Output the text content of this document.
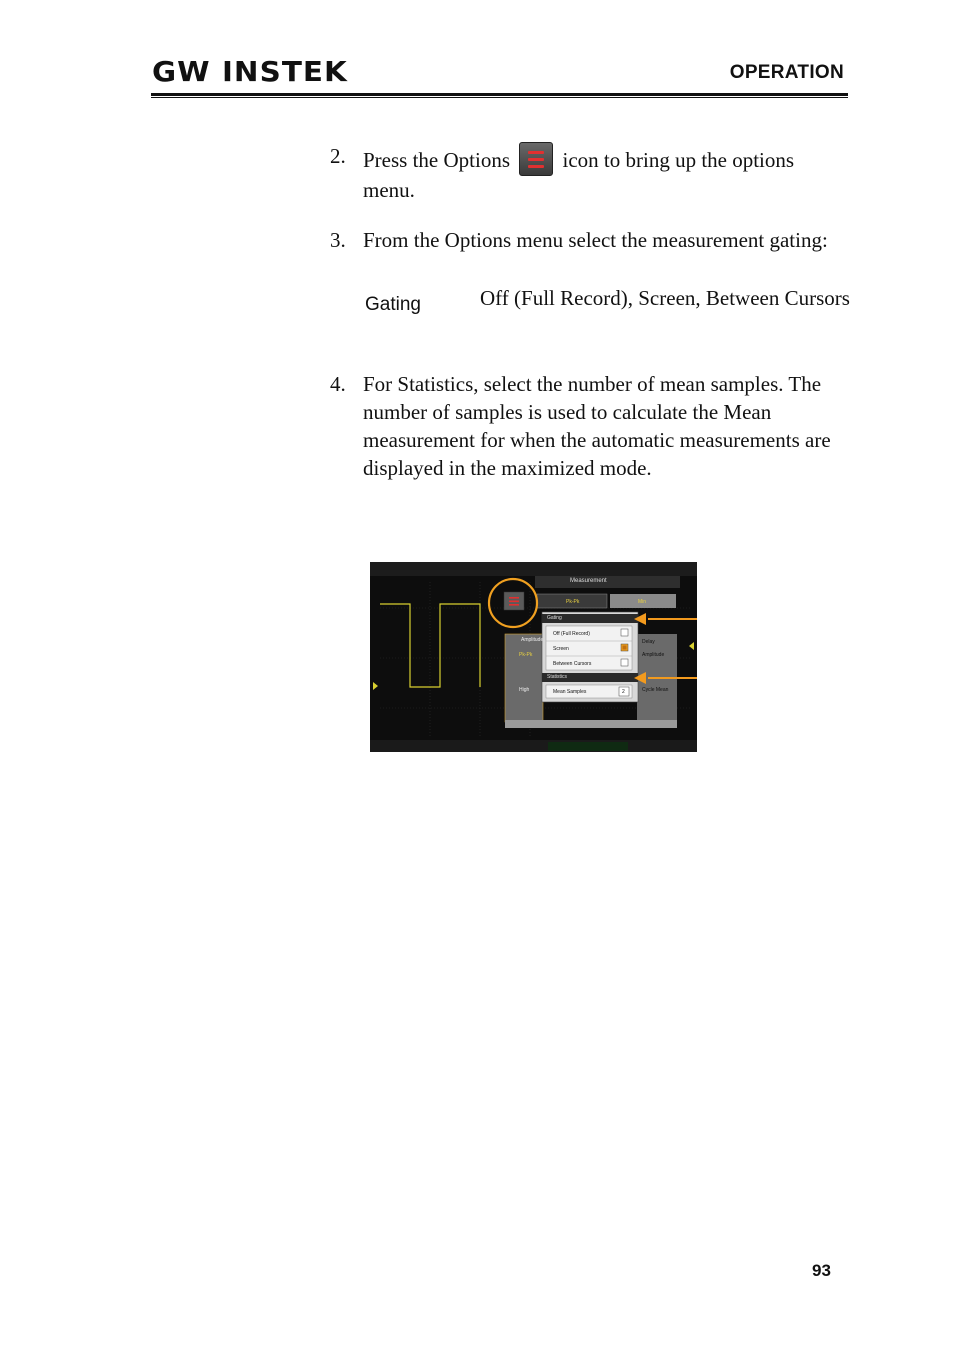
GW INSTEK	OPERATION
2. Press the Options	icon to bring up the options menu.
3. From the Options menu select the measurement gating:
Gating	Off (Full Record), Screen, Between Cursors
4. For Statistics, select the number of mean samples. The number of samples is used to calculate the Mean measurement for when the automatic measurements are displayed in the maximized mode.
Measurement
Pk-Pk	Min
Gating
Off (Full Record)
Screen
Between Cursors
Statistics
Mean Samples	2
Amplitude
Pk-Pk
High
Delay
Amplitude
Cycle Mean
93
